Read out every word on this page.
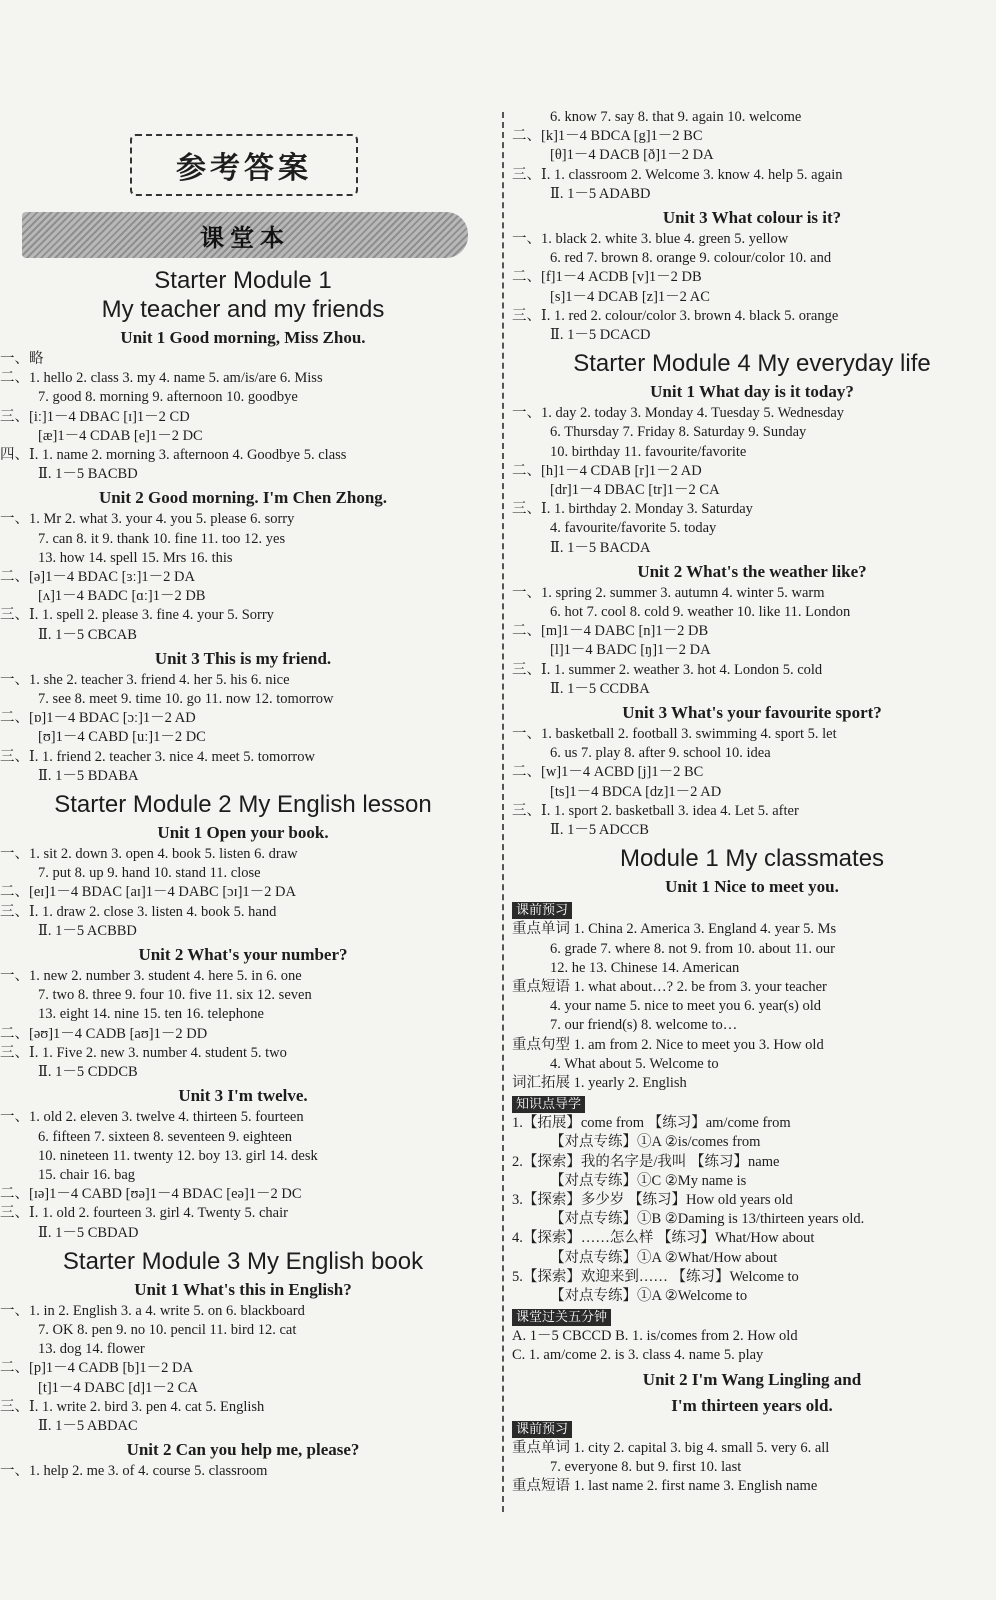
参考答案
课堂本
Starter Module 1
My teacher and my friends
Unit 1 Good morning, Miss Zhou.
一、略
二、1. hello 2. class 3. my 4. name 5. am/is/are 6. Miss
7. good 8. morning 9. afternoon 10. goodbye
三、[iː]1－4 DBAC [ɪ]1－2 CD
[æ]1－4 CDAB [e]1－2 DC
四、Ⅰ. 1. name 2. morning 3. afternoon 4. Goodbye 5. class
Ⅱ. 1－5 BACBD
Unit 2 Good morning. I'm Chen Zhong.
一、1. Mr 2. what 3. your 4. you 5. please 6. sorry
7. can 8. it 9. thank 10. fine 11. too 12. yes
13. how 14. spell 15. Mrs 16. this
二、[ə]1－4 BDAC [ɜː]1－2 DA
[ʌ]1－4 BADC [ɑː]1－2 DB
三、Ⅰ. 1. spell 2. please 3. fine 4. your 5. Sorry
Ⅱ. 1－5 CBCAB
Unit 3 This is my friend.
一、1. she 2. teacher 3. friend 4. her 5. his 6. nice
7. see 8. meet 9. time 10. go 11. now 12. tomorrow
二、[ɒ]1－4 BDAC [ɔː]1－2 AD
[ʊ]1－4 CABD [uː]1－2 DC
三、Ⅰ. 1. friend 2. teacher 3. nice 4. meet 5. tomorrow
Ⅱ. 1－5 BDABA
Starter Module 2 My English lesson
Unit 1 Open your book.
一、1. sit 2. down 3. open 4. book 5. listen 6. draw
7. put 8. up 9. hand 10. stand 11. close
二、[eɪ]1－4 BDAC [aɪ]1－4 DABC [ɔɪ]1－2 DA
三、Ⅰ. 1. draw 2. close 3. listen 4. book 5. hand
Ⅱ. 1－5 ACBBD
Unit 2 What's your number?
一、1. new 2. number 3. student 4. here 5. in 6. one
7. two 8. three 9. four 10. five 11. six 12. seven
13. eight 14. nine 15. ten 16. telephone
二、[əʊ]1－4 CADB [aʊ]1－2 DD
三、Ⅰ. 1. Five 2. new 3. number 4. student 5. two
Ⅱ. 1－5 CDDCB
Unit 3 I'm twelve.
一、1. old 2. eleven 3. twelve 4. thirteen 5. fourteen
6. fifteen 7. sixteen 8. seventeen 9. eighteen
10. nineteen 11. twenty 12. boy 13. girl 14. desk
15. chair 16. bag
二、[ɪə]1－4 CABD [ʊə]1－4 BDAC [eə]1－2 DC
三、Ⅰ. 1. old 2. fourteen 3. girl 4. Twenty 5. chair
Ⅱ. 1－5 CBDAD
Starter Module 3 My English book
Unit 1 What's this in English?
一、1. in 2. English 3. a 4. write 5. on 6. blackboard
7. OK 8. pen 9. no 10. pencil 11. bird 12. cat
13. dog 14. flower
二、[p]1－4 CADB [b]1－2 DA
[t]1－4 DABC [d]1－2 CA
三、Ⅰ. 1. write 2. bird 3. pen 4. cat 5. English
Ⅱ. 1－5 ABDAC
Unit 2 Can you help me, please?
一、1. help 2. me 3. of 4. course 5. classroom
6. know 7. say 8. that 9. again 10. welcome
二、[k]1－4 BDCA [g]1－2 BC
[θ]1－4 DACB [ð]1－2 DA
三、Ⅰ. 1. classroom 2. Welcome 3. know 4. help 5. again
Ⅱ. 1－5 ADABD
Unit 3 What colour is it?
一、1. black 2. white 3. blue 4. green 5. yellow
6. red 7. brown 8. orange 9. colour/color 10. and
二、[f]1－4 ACDB [v]1－2 DB
[s]1－4 DCAB [z]1－2 AC
三、Ⅰ. 1. red 2. colour/color 3. brown 4. black 5. orange
Ⅱ. 1－5 DCACD
Starter Module 4 My everyday life
Unit 1 What day is it today?
一、1. day 2. today 3. Monday 4. Tuesday 5. Wednesday
6. Thursday 7. Friday 8. Saturday 9. Sunday
10. birthday 11. favourite/favorite
二、[h]1－4 CDAB [r]1－2 AD
[dr]1－4 DBAC [tr]1－2 CA
三、Ⅰ. 1. birthday 2. Monday 3. Saturday
4. favourite/favorite 5. today
Ⅱ. 1－5 BACDA
Unit 2 What's the weather like?
一、1. spring 2. summer 3. autumn 4. winter 5. warm
6. hot 7. cool 8. cold 9. weather 10. like 11. London
二、[m]1－4 DABC [n]1－2 DB
[l]1－4 BADC [ŋ]1－2 DA
三、Ⅰ. 1. summer 2. weather 3. hot 4. London 5. cold
Ⅱ. 1－5 CCDBA
Unit 3 What's your favourite sport?
一、1. basketball 2. football 3. swimming 4. sport 5. let
6. us 7. play 8. after 9. school 10. idea
二、[w]1－4 ACBD [j]1－2 BC
[ts]1－4 BDCA [dz]1－2 AD
三、Ⅰ. 1. sport 2. basketball 3. idea 4. Let 5. after
Ⅱ. 1－5 ADCCB
Module 1 My classmates
Unit 1 Nice to meet you.
课前预习
重点单词 1. China 2. America 3. England 4. year 5. Ms
6. grade 7. where 8. not 9. from 10. about 11. our
12. he 13. Chinese 14. American
重点短语 1. what about…? 2. be from 3. your teacher
4. your name 5. nice to meet you 6. year(s) old
7. our friend(s) 8. welcome to…
重点句型 1. am from 2. Nice to meet you 3. How old
4. What about 5. Welcome to
词汇拓展 1. yearly 2. English
知识点导学
1.【拓展】come from 【练习】am/come from
【对点专练】①A ②is/comes from
2.【探索】我的名字是/我叫 【练习】name
【对点专练】①C ②My name is
3.【探索】多少岁 【练习】How old years old
【对点专练】①B ②Daming is 13/thirteen years old.
4.【探索】……怎么样 【练习】What/How about
【对点专练】①A ②What/How about
5.【探索】欢迎来到…… 【练习】Welcome to
【对点专练】①A ②Welcome to
课堂过关五分钟
A. 1－5 CBCCD B. 1. is/comes from 2. How old
C. 1. am/come 2. is 3. class 4. name 5. play
Unit 2 I'm Wang Lingling and
I'm thirteen years old.
课前预习
重点单词 1. city 2. capital 3. big 4. small 5. very 6. all
7. everyone 8. but 9. first 10. last
重点短语 1. last name 2. first name 3. English name
